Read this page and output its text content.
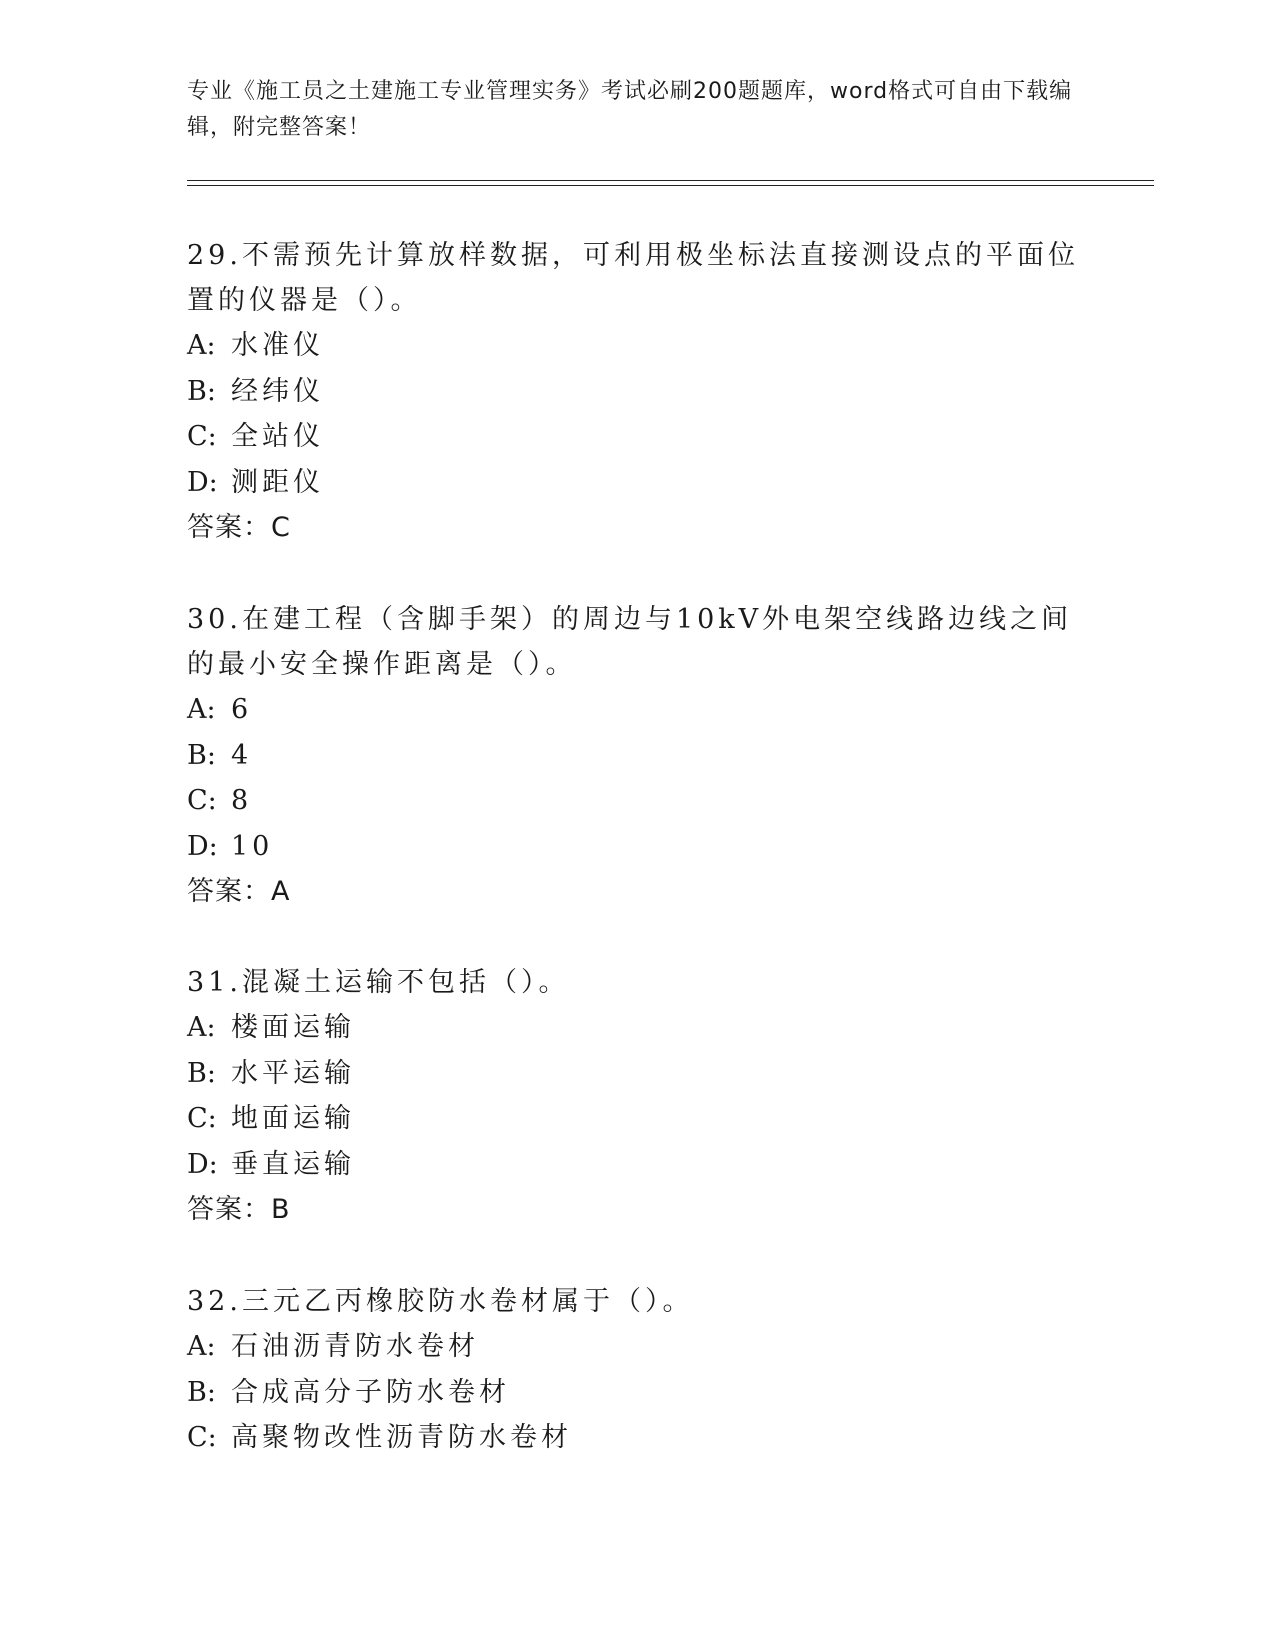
专业《施工员之土建施工专业管理实务》考试必刷200题题库，word格式可自由下载编辑，附完整答案！

29.不需预先计算放样数据，可利用极坐标法直接测设点的平面位置的仪器是（）。

A: 水准仪

B: 经纬仪

C: 全站仪

D: 测距仪

答案：C

30.在建工程（含脚手架）的周边与10kV外电架空线路边线之间的最小安全操作距离是（）。

A: 6

B: 4

C: 8

D: 10

答案：A

31.混凝土运输不包括（）。

A: 楼面运输

B: 水平运输

C: 地面运输

D: 垂直运输

答案：B

32.三元乙丙橡胶防水卷材属于（）。

A: 石油沥青防水卷材

B: 合成高分子防水卷材

C: 高聚物改性沥青防水卷材
